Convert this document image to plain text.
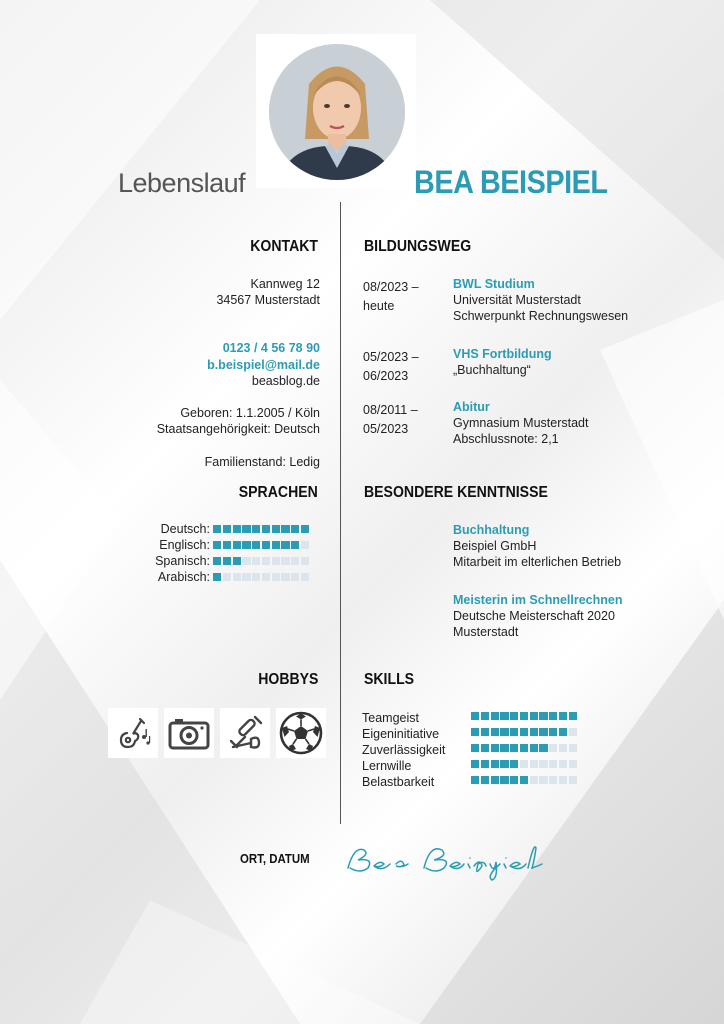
Lebenslauf	BEA BEISPIEL
KONTAKT
Kannweg 12
34567 Musterstadt
0123 / 4 56 78 90
b.beispiel@mail.de
beasblog.de
Geboren: 1.1.2005 / Köln
Staatsangehörigkeit: Deutsch
Familienstand: Ledig
SPRACHEN
Deutsch:
Englisch:
Spanisch:
Arabisch:
HOBBYS
BILDUNGSWEG
08/2023 –
heute
BWL Studium
Universität Musterstadt
Schwerpunkt Rechnungswesen
05/2023 –
06/2023
VHS Fortbildung
„Buchhaltung“
08/2011 –
05/2023
Abitur
Gymnasium Musterstadt
Abschlussnote: 2,1
BESONDERE KENNTNISSE
Buchhaltung
Beispiel GmbH
Mitarbeit im elterlichen Betrieb
Meisterin im Schnellrechnen
Deutsche Meisterschaft 2020
Musterstadt
SKILLS
Teamgeist
Eigeninitiative
Zuverlässigkeit
Lernwille
Belastbarkeit
ORT, DATUM
